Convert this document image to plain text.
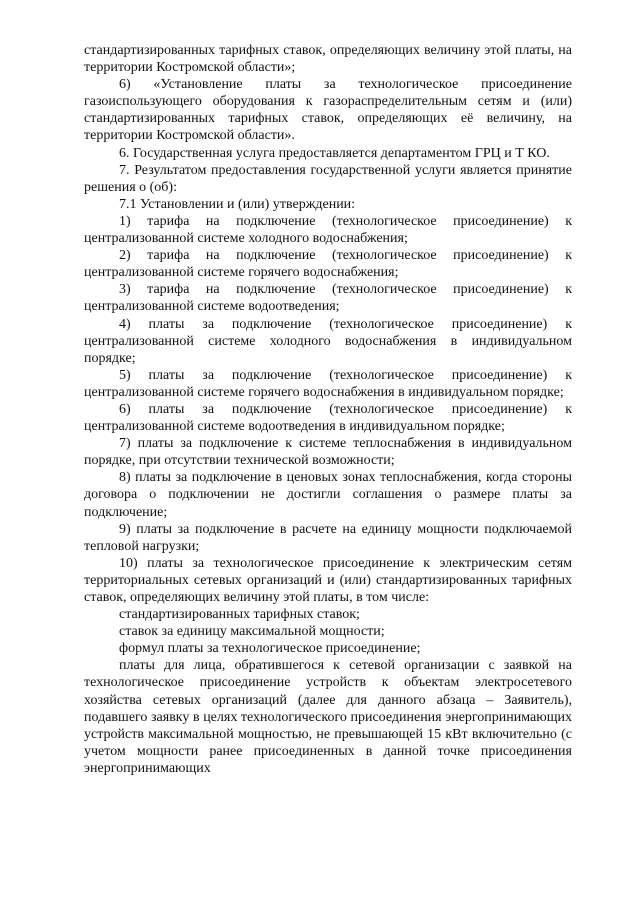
стандартизированных тарифных ставок, определяющих величину этой платы, на территории Костромской области»;

6) «Установление платы за технологическое присоединение газоиспользующего оборудования к газораспределительным сетям и (или) стандартизированных тарифных ставок, определяющих её величину, на территории Костромской области».

6. Государственная услуга предоставляется департаментом ГРЦ и Т КО.

7. Результатом предоставления государственной услуги является принятие решения о (об):

7.1 Установлении и (или) утверждении:

1) тарифа на подключение (технологическое присоединение) к централизованной системе холодного водоснабжения;

2) тарифа на подключение (технологическое присоединение) к централизованной системе горячего водоснабжения;

3) тарифа на подключение (технологическое присоединение) к централизованной системе водоотведения;

4) платы за подключение (технологическое присоединение) к централизованной системе холодного водоснабжения в индивидуальном порядке;

5) платы за подключение (технологическое присоединение) к централизованной системе горячего водоснабжения в индивидуальном порядке;

6) платы за подключение (технологическое присоединение) к централизованной системе водоотведения в индивидуальном порядке;

7) платы за подключение к системе теплоснабжения в индивидуальном порядке, при отсутствии технической возможности;

8) платы за подключение в ценовых зонах теплоснабжения, когда стороны договора о подключении не достигли соглашения о размере платы за подключение;

9) платы за подключение в расчете на единицу мощности подключаемой тепловой нагрузки;

10) платы за технологическое присоединение к электрическим сетям территориальных сетевых организаций и (или) стандартизированных тарифных ставок, определяющих величину этой платы, в том числе:

стандартизированных тарифных ставок;

ставок за единицу максимальной мощности;

формул платы за технологическое присоединение;

платы для лица, обратившегося к сетевой организации с заявкой на технологическое присоединение устройств к объектам электросетевого хозяйства сетевых организаций (далее для данного абзаца – Заявитель), подавшего заявку в целях технологического присоединения энергопринимающих устройств максимальной мощностью, не превышающей 15 кВт включительно (с учетом мощности ранее присоединенных в данной точке присоединения энергопринимающих
